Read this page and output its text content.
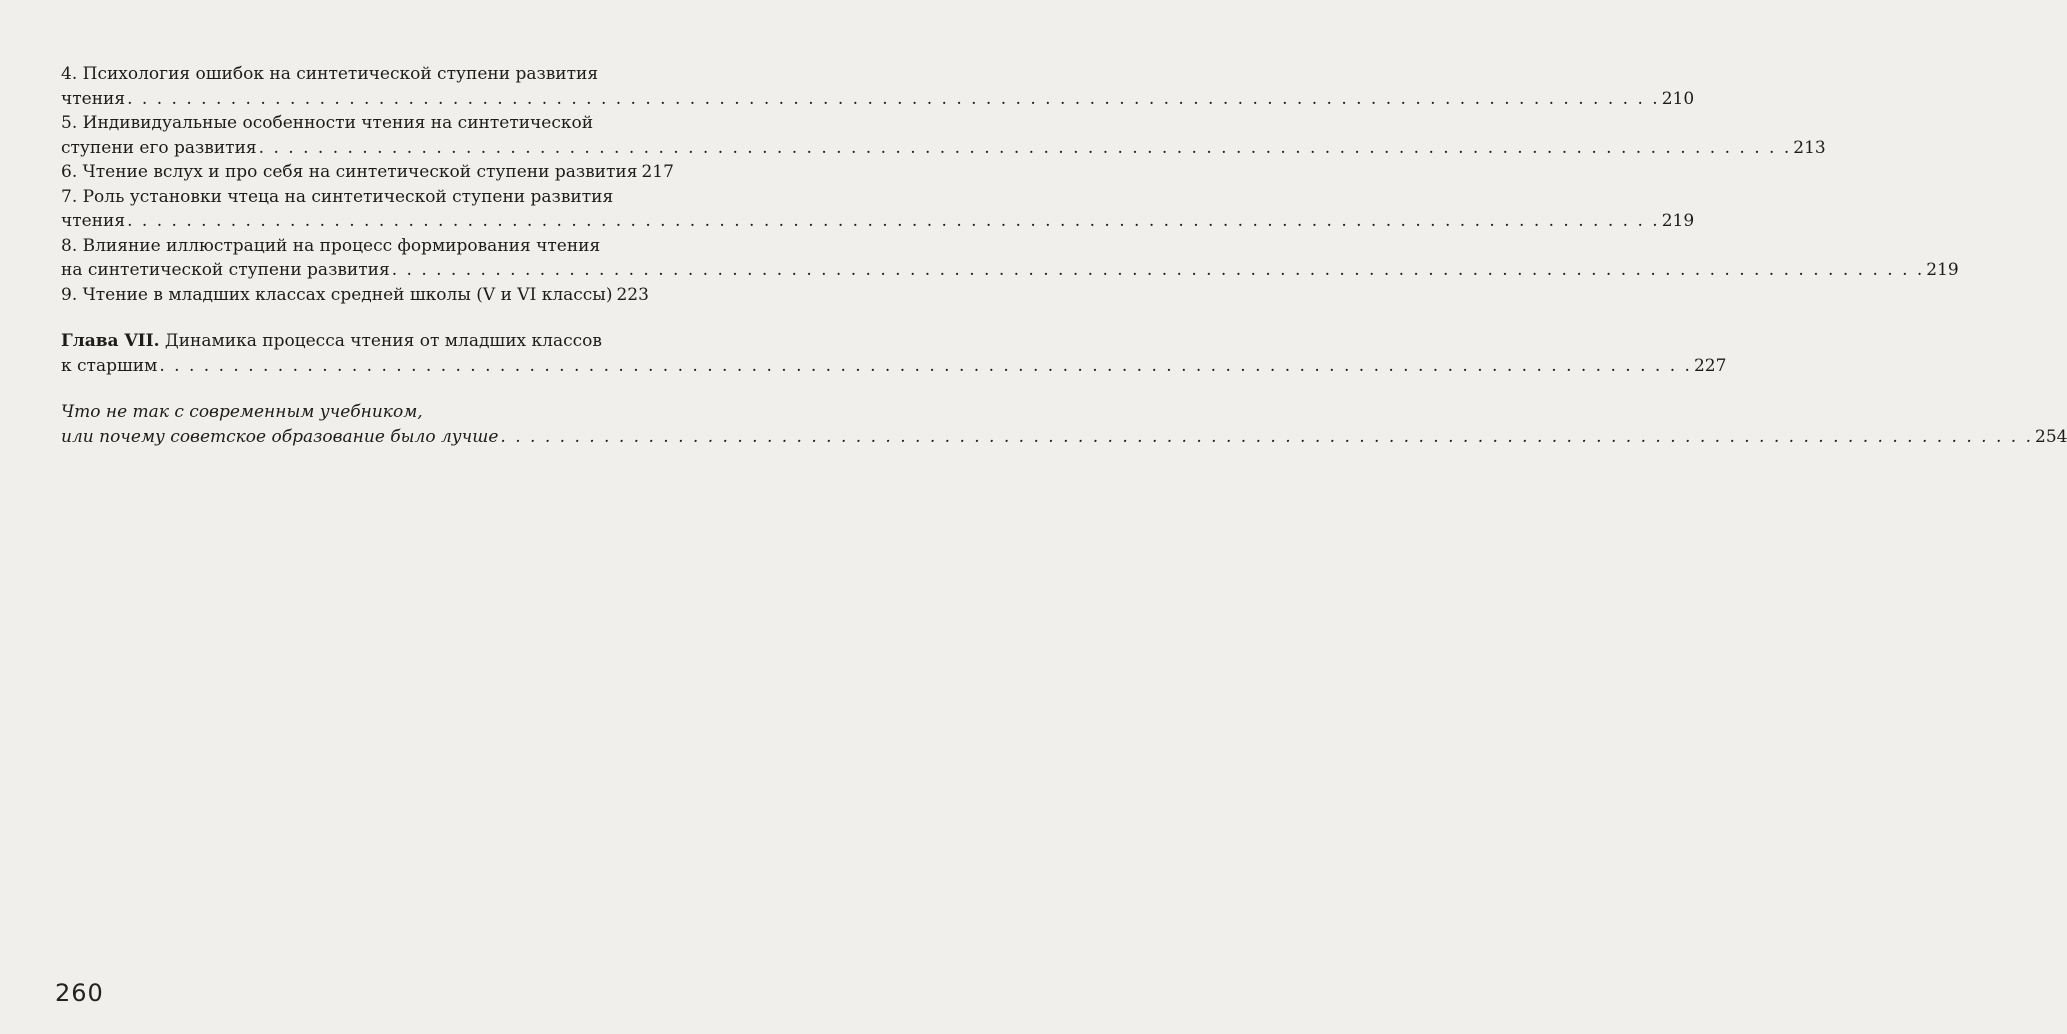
4. Психология ошибок на синтетической ступени развития
чтения . . .	210
5. Индивидуальные особенности чтения на синтетической
ступени его развития . . .	213
6. Чтение вслух и про себя на синтетической ступени развития 217
7. Роль установки чтеца на синтетической ступени развития
чтения . . .	219
8. Влияние иллюстраций на процесс формирования чтения
на синтетической ступени развития . . .	219
9. Чтение в младших классах средней школы (V и VI классы) 223
Глава VII. Динамика процесса чтения от младших классов
к старшим . . .	227
Что не так с современным учебником,
или почему советское образование было лучше . . .	254
260
